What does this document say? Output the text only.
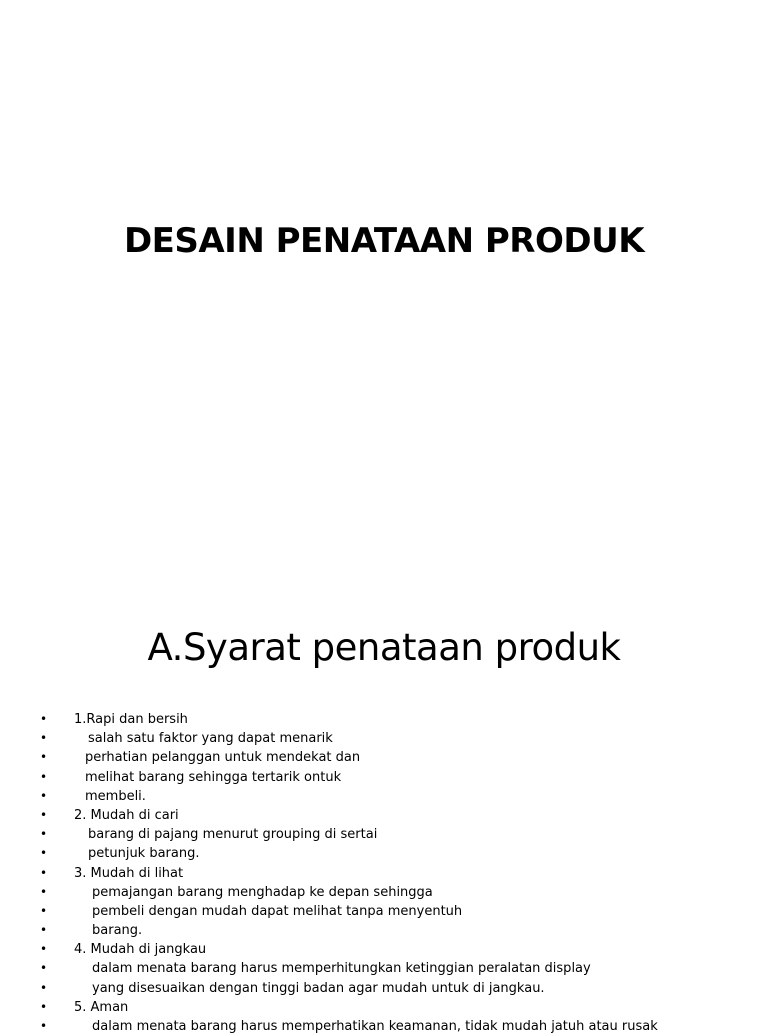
DESAIN PENATAAN PRODUK
A.Syarat penataan produk
• 1.Rapi dan bersih
•	salah satu faktor yang dapat menarik
•	perhatian pelanggan untuk mendekat dan
•	melihat barang sehingga tertarik ontuk
•	membeli.
• 2. Mudah di cari
•	barang di pajang menurut grouping di sertai
•	petunjuk barang.
• 3. Mudah di lihat
•	pemajangan barang menghadap ke depan sehingga
•	pembeli dengan mudah dapat melihat tanpa menyentuh
•	barang.
• 4. Mudah di jangkau
•	dalam menata barang harus memperhitungkan ketinggian peralatan display
•	yang disesuaikan dengan tinggi badan agar mudah untuk di jangkau.
• 5. Aman
•	dalam menata barang harus memperhatikan keamanan, tidak mudah jatuh atau rusak
